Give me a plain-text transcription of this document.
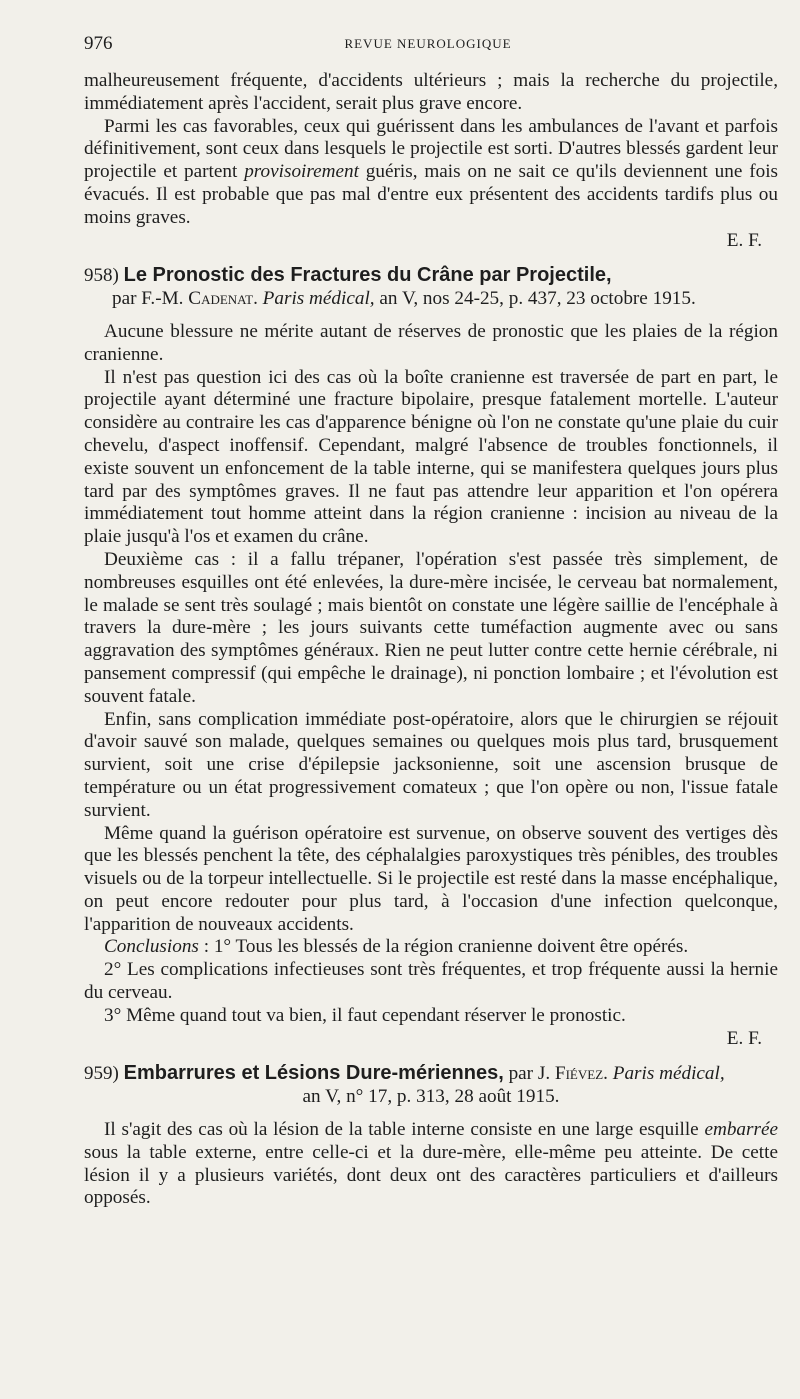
976	REVUE NEUROLOGIQUE

malheureusement fréquente, d'accidents ultérieurs ; mais la recherche du projectile, immédiatement après l'accident, serait plus grave encore.

Parmi les cas favorables, ceux qui guérissent dans les ambulances de l'avant et parfois définitivement, sont ceux dans lesquels le projectile est sorti. D'autres blessés gardent leur projectile et partent provisoirement guéris, mais on ne sait ce qu'ils deviennent une fois évacués. Il est probable que pas mal d'entre eux présentent des accidents tardifs plus ou moins graves.

E. F.

958) Le Pronostic des Fractures du Crâne par Projectile,

par F.-M. Cadenat. Paris médical, an V, nos 24-25, p. 437, 23 octobre 1915.

Aucune blessure ne mérite autant de réserves de pronostic que les plaies de la région cranienne.

Il n'est pas question ici des cas où la boîte cranienne est traversée de part en part, le projectile ayant déterminé une fracture bipolaire, presque fatalement mortelle. L'auteur considère au contraire les cas d'apparence bénigne où l'on ne constate qu'une plaie du cuir chevelu, d'aspect inoffensif. Cependant, malgré l'absence de troubles fonctionnels, il existe souvent un enfoncement de la table interne, qui se manifestera quelques jours plus tard par des symptômes graves. Il ne faut pas attendre leur apparition et l'on opérera immédiatement tout homme atteint dans la région cranienne : incision au niveau de la plaie jusqu'à l'os et examen du crâne.

Deuxième cas : il a fallu trépaner, l'opération s'est passée très simplement, de nombreuses esquilles ont été enlevées, la dure-mère incisée, le cerveau bat normalement, le malade se sent très soulagé ; mais bientôt on constate une légère saillie de l'encéphale à travers la dure-mère ; les jours suivants cette tuméfaction augmente avec ou sans aggravation des symptômes généraux. Rien ne peut lutter contre cette hernie cérébrale, ni pansement compressif (qui empêche le drainage), ni ponction lombaire ; et l'évolution est souvent fatale.

Enfin, sans complication immédiate post-opératoire, alors que le chirurgien se réjouit d'avoir sauvé son malade, quelques semaines ou quelques mois plus tard, brusquement survient, soit une crise d'épilepsie jacksonienne, soit une ascension brusque de température ou un état progressivement comateux ; que l'on opère ou non, l'issue fatale survient.

Même quand la guérison opératoire est survenue, on observe souvent des vertiges dès que les blessés penchent la tête, des céphalalgies paroxystiques très pénibles, des troubles visuels ou de la torpeur intellectuelle. Si le projectile est resté dans la masse encéphalique, on peut encore redouter pour plus tard, à l'occasion d'une infection quelconque, l'apparition de nouveaux accidents.

Conclusions : 1° Tous les blessés de la région cranienne doivent être opérés.

2° Les complications infectieuses sont très fréquentes, et trop fréquente aussi la hernie du cerveau.

3° Même quand tout va bien, il faut cependant réserver le pronostic.

E. F.

959) Embarrures et Lésions Dure-mériennes, par J. Fiévez. Paris médical,

an V, n° 17, p. 313, 28 août 1915.

Il s'agit des cas où la lésion de la table interne consiste en une large esquille embarrée sous la table externe, entre celle-ci et la dure-mère, elle-même peu atteinte. De cette lésion il y a plusieurs variétés, dont deux ont des caractères particuliers et d'ailleurs opposés.
